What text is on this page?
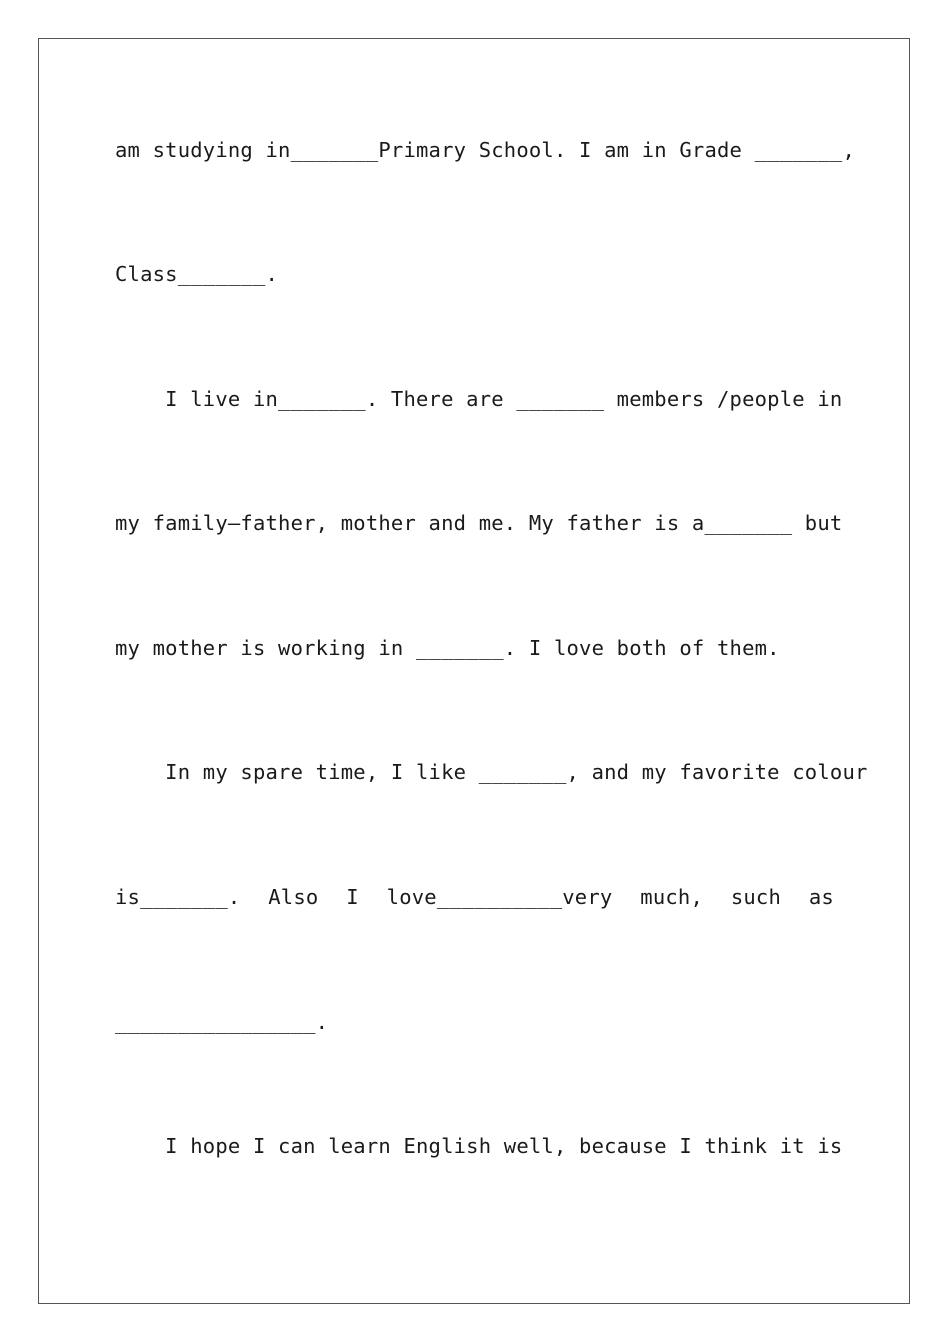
am studying in_______Primary School. I am in Grade _______,
Class_______.
I live in_______. There are _______ members /people in
my family—father, mother and me. My father is a_______ but
my mother is working in _______. I love both of them.
In my spare time, I like _______, and my favorite colour
is_______. Also I love__________very much, such as
________________.
I hope I can learn English well, because I think it is
